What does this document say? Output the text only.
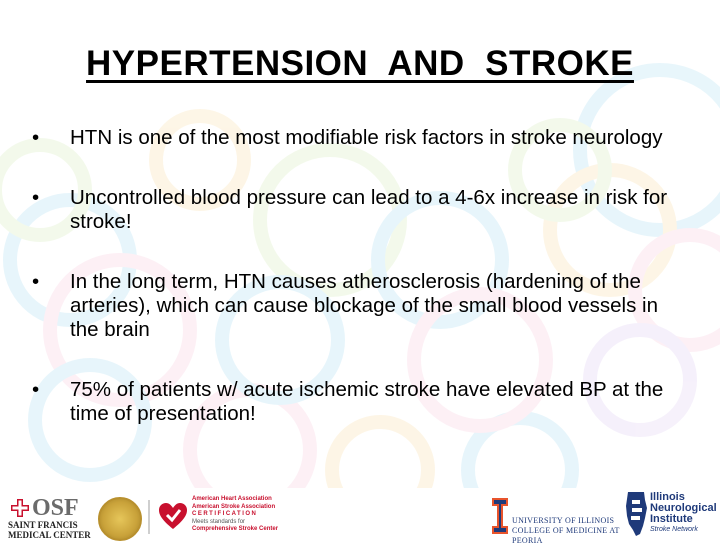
HYPERTENSION  AND  STROKE
• HTN is one of the most modifiable risk factors in stroke neurology
• Uncontrolled blood pressure can lead to a 4-6x increase in risk for stroke!
• In the long term, HTN causes atherosclerosis (hardening of the arteries), which can cause blockage of the small blood vessels in the brain
• 75% of patients w/ acute ischemic stroke have elevated BP at the time of presentation!
OSF
SAINT FRANCIS
MEDICAL CENTER
American Heart Association
American Stroke Association
CERTIFICATION
Meets standards for
Comprehensive Stroke Center
UNIVERSITY OF ILLINOIS
COLLEGE OF MEDICINE AT PEORIA
Illinois
Neurological
Institute
Stroke Network
